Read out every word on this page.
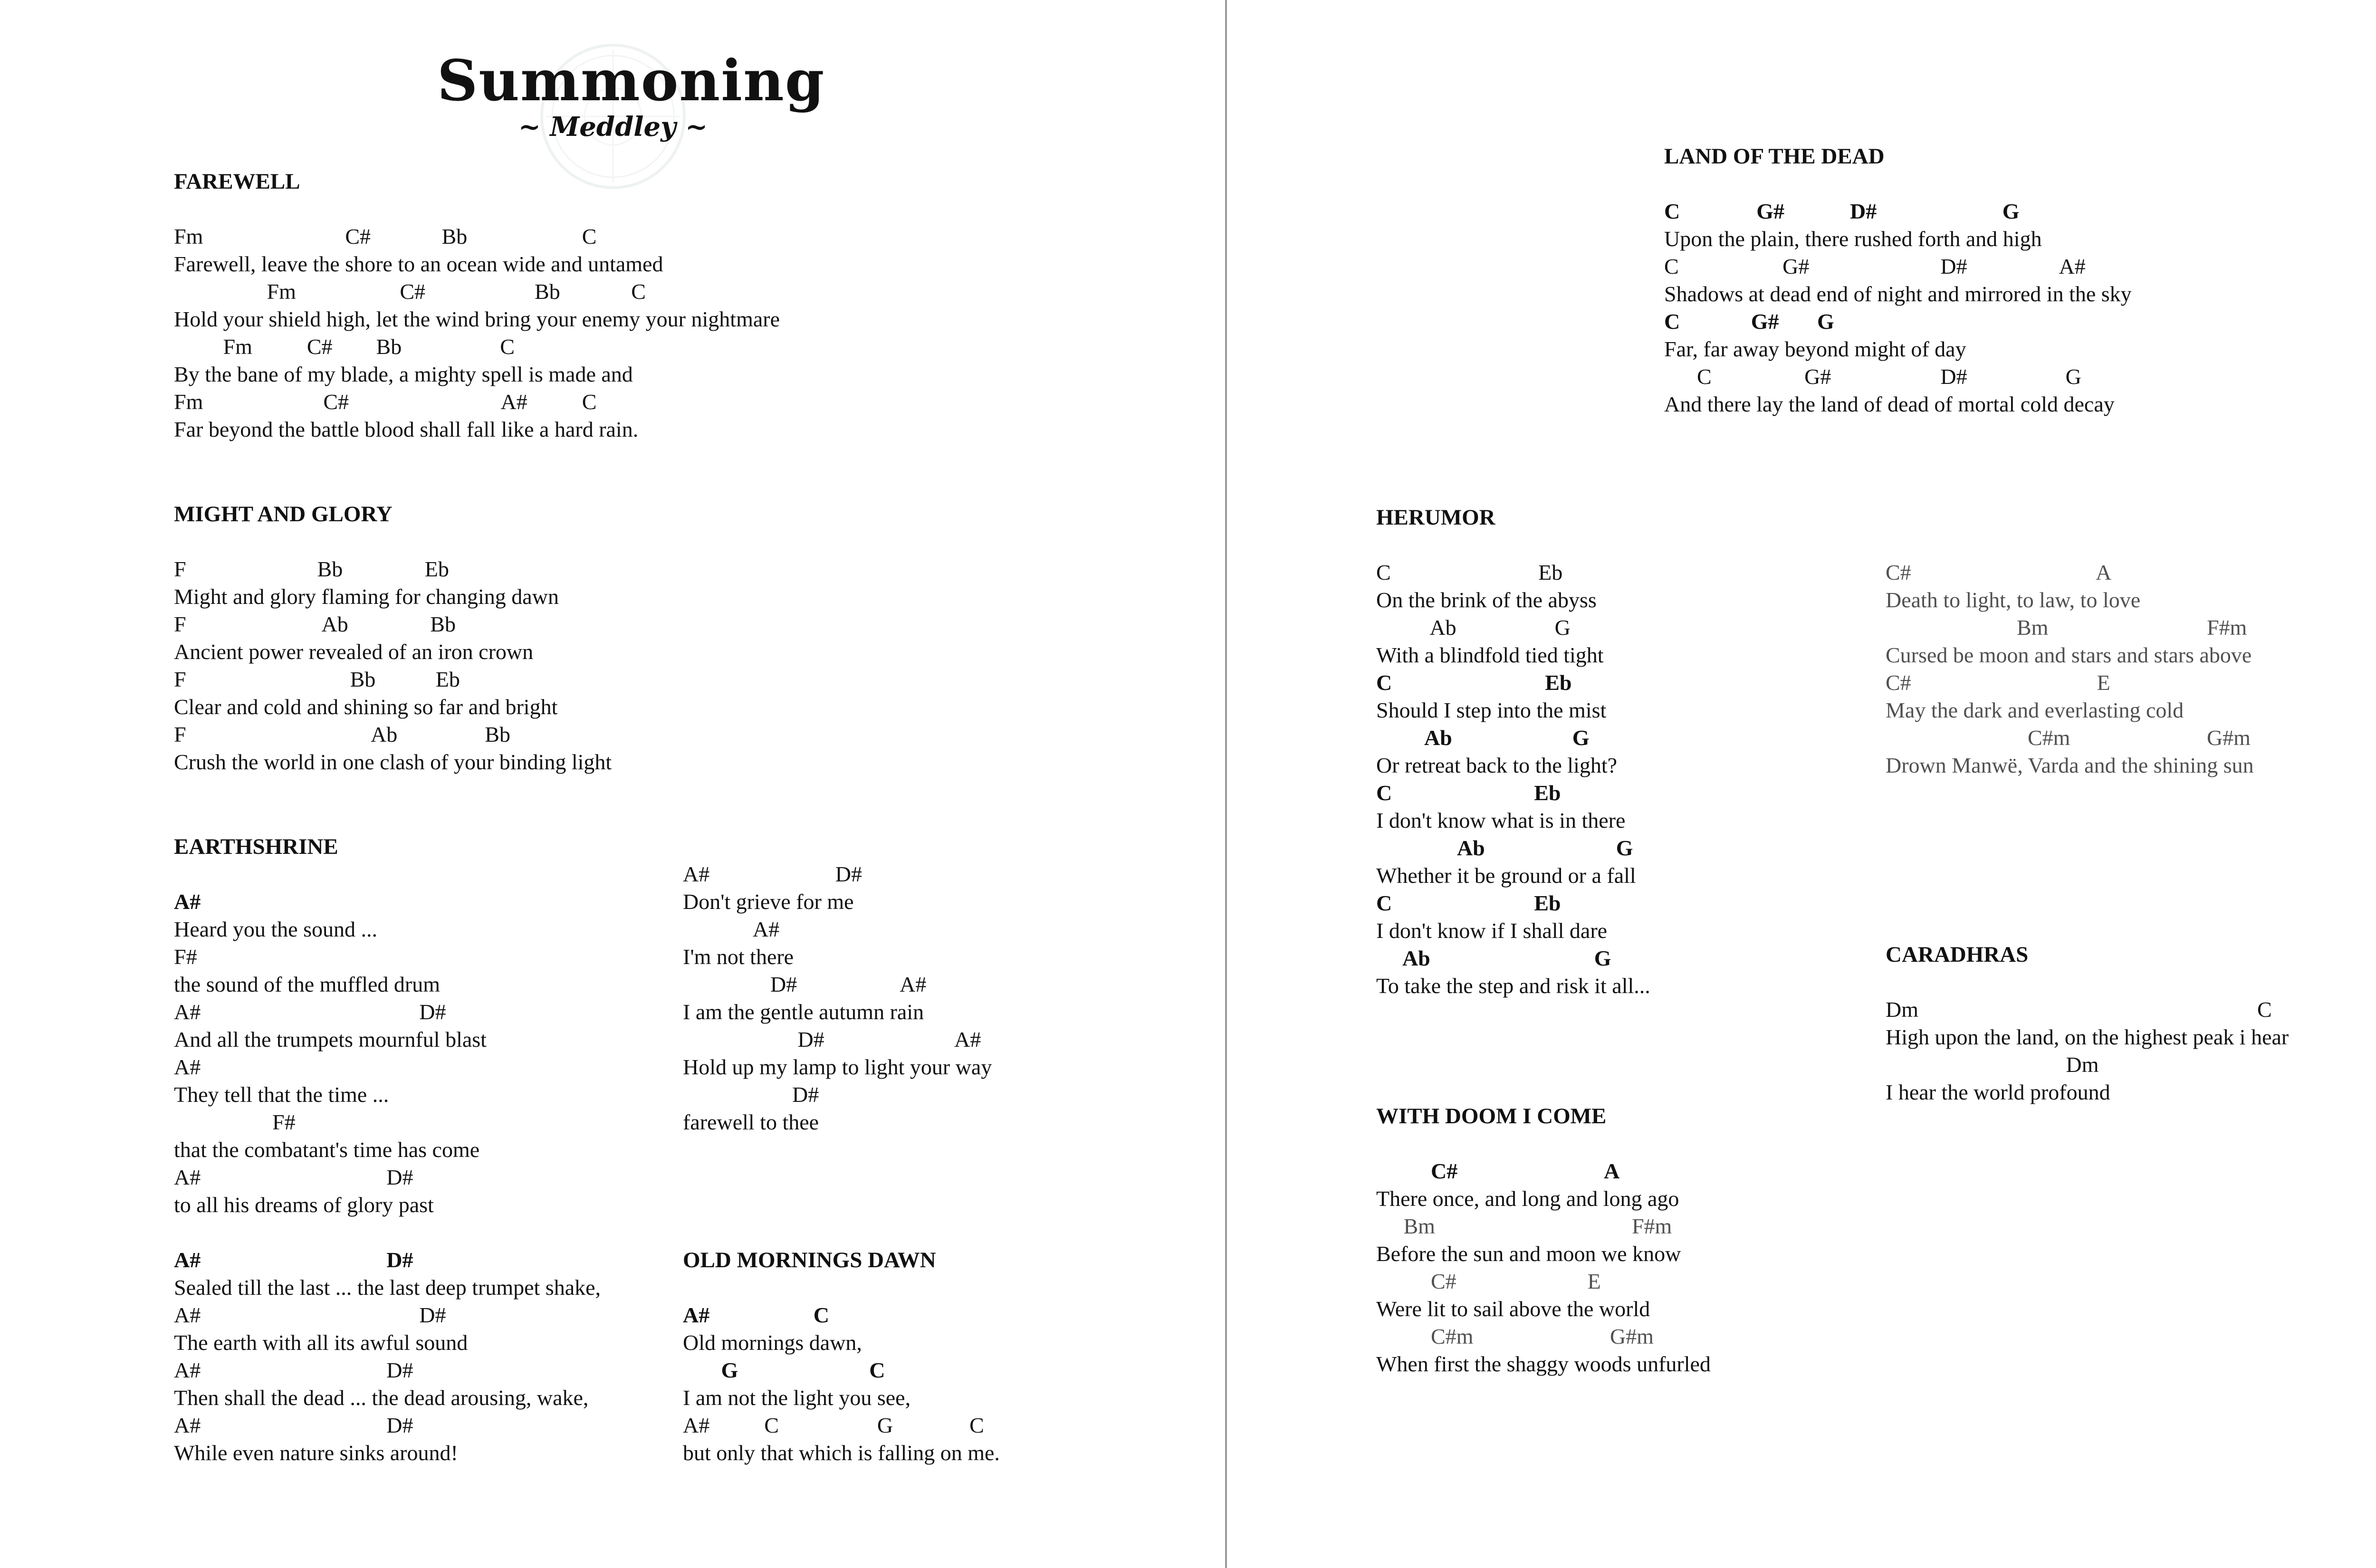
Summoning
~ Meddley ~
FAREWELL
Fm                          C#             Bb                     C
Farewell, leave the shore to an ocean wide and untamed
Fm                   C#                    Bb             C
Hold your shield high, let the wind bring your enemy your nightmare
Fm          C#        Bb                  C
By the bane of my blade, a mighty spell is made and
Fm                      C#                            A#          C
Far beyond the battle blood shall fall like a hard rain.
MIGHT AND GLORY
F                        Bb               Eb
Might and glory flaming for changing dawn
F                         Ab               Bb
Ancient power revealed of an iron crown
F                              Bb           Eb
Clear and cold and shining so far and bright
F                                  Ab                Bb
Crush the world in one clash of your binding light
EARTHSHRINE
A#
Heard you the sound ...
F#
the sound of the muffled drum
A#                                        D#
And all the trumpets mournful blast
A#
They tell that the time ...
F#
that the combatant's time has come
A#                                  D#
to all his dreams of glory past
A#                                  D#
Sealed till the last ... the last deep trumpet shake,
A#                                        D#
The earth with all its awful sound
A#                                  D#
Then shall the dead ... the dead arousing, wake,
A#                                  D#
While even nature sinks around!
A#                       D#
Don't grieve for me
A#
I'm not there
D#                   A#
I am the gentle autumn rain
D#                        A#
Hold up my lamp to light your way
D#
farewell to thee
OLD MORNINGS DAWN
A#                   C
Old mornings dawn,
G                        C
I am not the light you see,
A#          C                  G              C
but only that which is falling on me.
LAND OF THE DEAD
C              G#            D#                       G
Upon the plain, there rushed forth and high
C                   G#                        D#                 A#
Shadows at dead end of night and mirrored in the sky
C             G#       G
Far, far away beyond might of day
C                 G#                    D#                  G
And there lay the land of dead of mortal cold decay
HERUMOR
C                           Eb
On the brink of the abyss
Ab                  G
With a blindfold tied tight
C                            Eb
Should I step into the mist
Ab                      G
Or retreat back to the light?
C                          Eb
I don't know what is in there
Ab                        G
Whether it be ground or a fall
C                          Eb
I don't know if I shall dare
Ab                              G
To take the step and risk it all...
C#                                  A
Death to light, to law, to love
Bm                             F#m
Cursed be moon and stars and stars above
C#                                  E
May the dark and everlasting cold
C#m                         G#m
Drown Manwë, Varda and the shining sun
CARADHRAS
Dm                                                              C
High upon the land, on the highest peak i hear
Dm
I hear the world profound
WITH DOOM I COME
C#                           A
There once, and long and long ago
Bm                                    F#m
Before the sun and moon we know
C#                        E
Were lit to sail above the world
C#m                         G#m
When first the shaggy woods unfurled
